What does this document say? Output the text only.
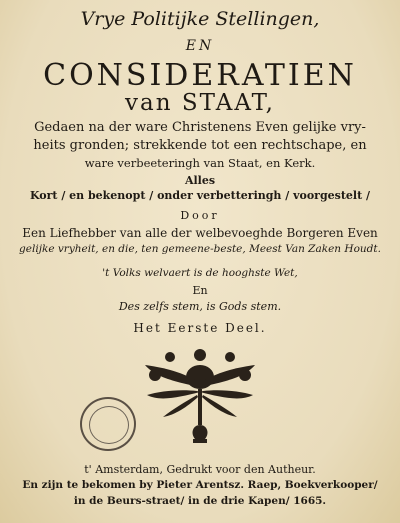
Vrye Politijke Stellingen,
EN
CONSIDERATIEN
van STAAT,
Gedaen na der ware Christenens Even gelijke vry-
heits gronden; strekkende tot een rechtschape, en
ware verbeeteringh van Staat, en Kerk.
Alles
Kort / en bekenopt / onder verbetteringh / voorgestelt /
Door
Een Liefhebber van alle der welbevoeghde Borgeren Even
gelijke vryheit, en die, ten gemeene-beste, Meest Van Zaken Houdt.
't Volks welvaert is de hooghste Wet,
En
Des zelfs stem, is Gods stem.
Het Eerste Deel.
t' Amsterdam, Gedrukt voor den Autheur.
En zijn te bekomen by Pieter Arentsz. Raep, Boekverkooper/
in de Beurs-straet/ in de drie Kapen/ 1665.
